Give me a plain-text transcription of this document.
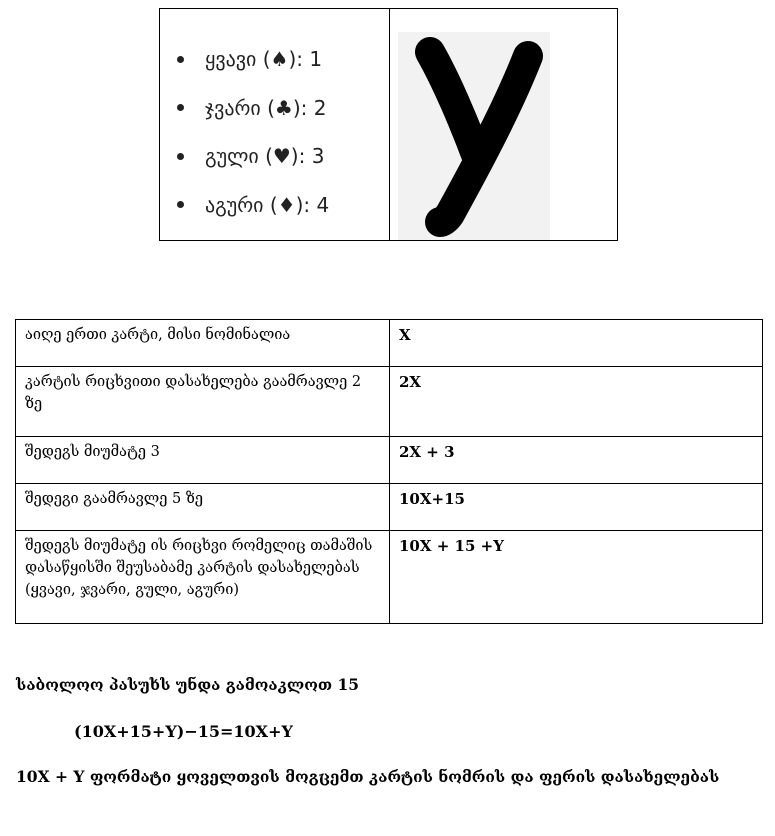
ყვავი (♠): 1
ჯვარი (♣): 2
გული (♥): 3
აგური (♦): 4
აიღე ერთი კარტი, მისი ნომინალია	X
კარტის რიცხვითი დასახელება გაამრავლე 2 ზე	2X
შედეგს მიუმატე 3	2X + 3
შედეგი გაამრავლე 5 ზე	10X+15
შედეგს მიუმატე ის რიცხვი რომელიც თამაშის დასაწყისში შეუსაბამე კარტის დასახელებას (ყვავი, ჯვარი, გული, აგური)	10X + 15 +Y
საბოლოო პასუხს უნდა გამოაკლოთ 15
(10X+15+Y)−15=10X+Y
10X + Y ფორმატი ყოველთვის მოგცემთ კარტის ნომრის და ფერის დასახელებას
